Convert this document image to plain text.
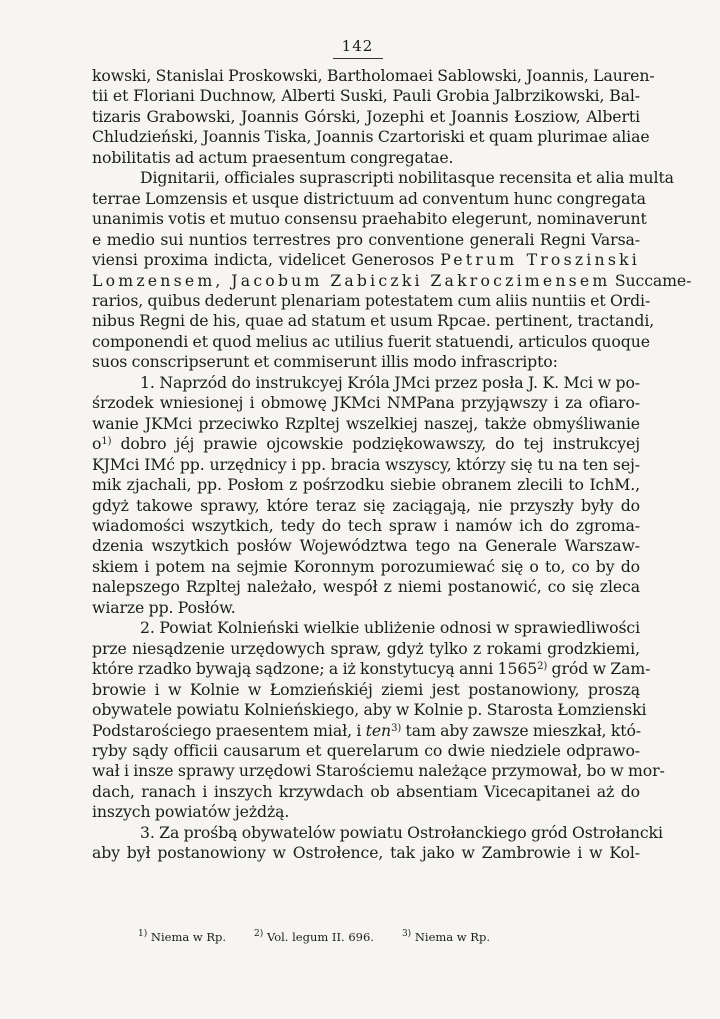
142
kowski, Stanislai Proskowski, Bartholomaei Sablowski, Joannis, Lauren-
tii et Floriani Duchnow, Alberti Suski, Pauli Grobia Jalbrzikowski, Bal-
tizaris Grabowski, Joannis Górski, Jozephi et Joannis Łosziow, Alberti
Chludzieński, Joannis Tiska, Joannis Czartoriski et quam plurimae aliae
nobilitatis ad actum praesentum congregatae.
Dignitarii, officiales suprascripti nobilitasque recensita et alia multa
terrae Lomzensis et usque districtuum ad conventum hunc congregata
unanimis votis et mutuo consensu praehabito elegerunt, nominaverunt
e medio sui nuntios terrestres pro conventione generali Regni Varsa-
viensi proxima indicta, videlicet Generosos Petrum Troszinski
Lomzensem, Jacobum Zabiczki Zakroczimensem Succame-
rarios, quibus dederunt plenariam potestatem cum aliis nuntiis et Ordi-
nibus Regni de his, quae ad statum et usum Rpcae. pertinent, tractandi,
componendi et quod melius ac utilius fuerit statuendi, articulos quoque
suos conscripserunt et commiserunt illis modo infrascripto:
1. Naprzód do instrukcyej Króla JMci przez posła J. K. Mci w po-
śrzodek wniesionej i obmowę JKMci NMPana przyjąwszy i za ofiaro-
wanie JKMci przeciwko Rzpltej wszelkiej naszej, także obmyśliwanie
$o^{1)}$ dobro jéj prawie ojcowskie podziękowawszy, do tej instrukcyej
KJMci IMć pp. urzędnicy i pp. bracia wszyscy, którzy się tu na ten sej-
mik zjachali, pp. Posłom z pośrzodku siebie obranem zlecili to IchM.,
gdyż takowe sprawy, które teraz się zaciągają, nie przyszły były do
wiadomości wszytkich, tedy do tech spraw i namów ich do zgroma-
dzenia wszytkich posłów Województwa tego na Generale Warszaw-
skiem i potem na sejmie Koronnym porozumiewać się o to, co by do
nalepszego Rzpltej należało, wespół z niemi postanowić, co się zleca
wiarze pp. Posłów.
2. Powiat Kolnieński wielkie ubliżenie odnosi w sprawiedliwości
prze niesądzenie urzędowych spraw, gdyż tylko z rokami grodzkiemi,
które rzadko bywają sądzone; a iż konstytucyą anni 1565$^{2)}$ gród w Zam-
browie i w Kolnie w Łomzieńskiéj ziemi jest postanowiony, proszą
obywatele powiatu Kolnieńskiego, aby w Kolnie p. Starosta Łomzienski
Podstarościego praesentem miał, i ten$^{3)}$ tam aby zawsze mieszkał, któ-
ryby sądy officii causarum et querelarum co dwie niedziele odprawo-
wał i insze sprawy urzędowi Starościemu należące przymował, bo w mor-
dach, ranach i inszych krzywdach ob absentiam Vicecapitanei aż do
inszych powiatów jeżdżą.
3. Za prośbą obywatelów powiatu Ostrołanckiego gród Ostrołancki
aby był postanowiony w Ostrołence, tak jako w Zambrowie i w Kol-
$^{1)}$ Niema w Rp.	$^{2)}$ Vol. legum II. 696.	$^{3)}$ Niema w Rp.
